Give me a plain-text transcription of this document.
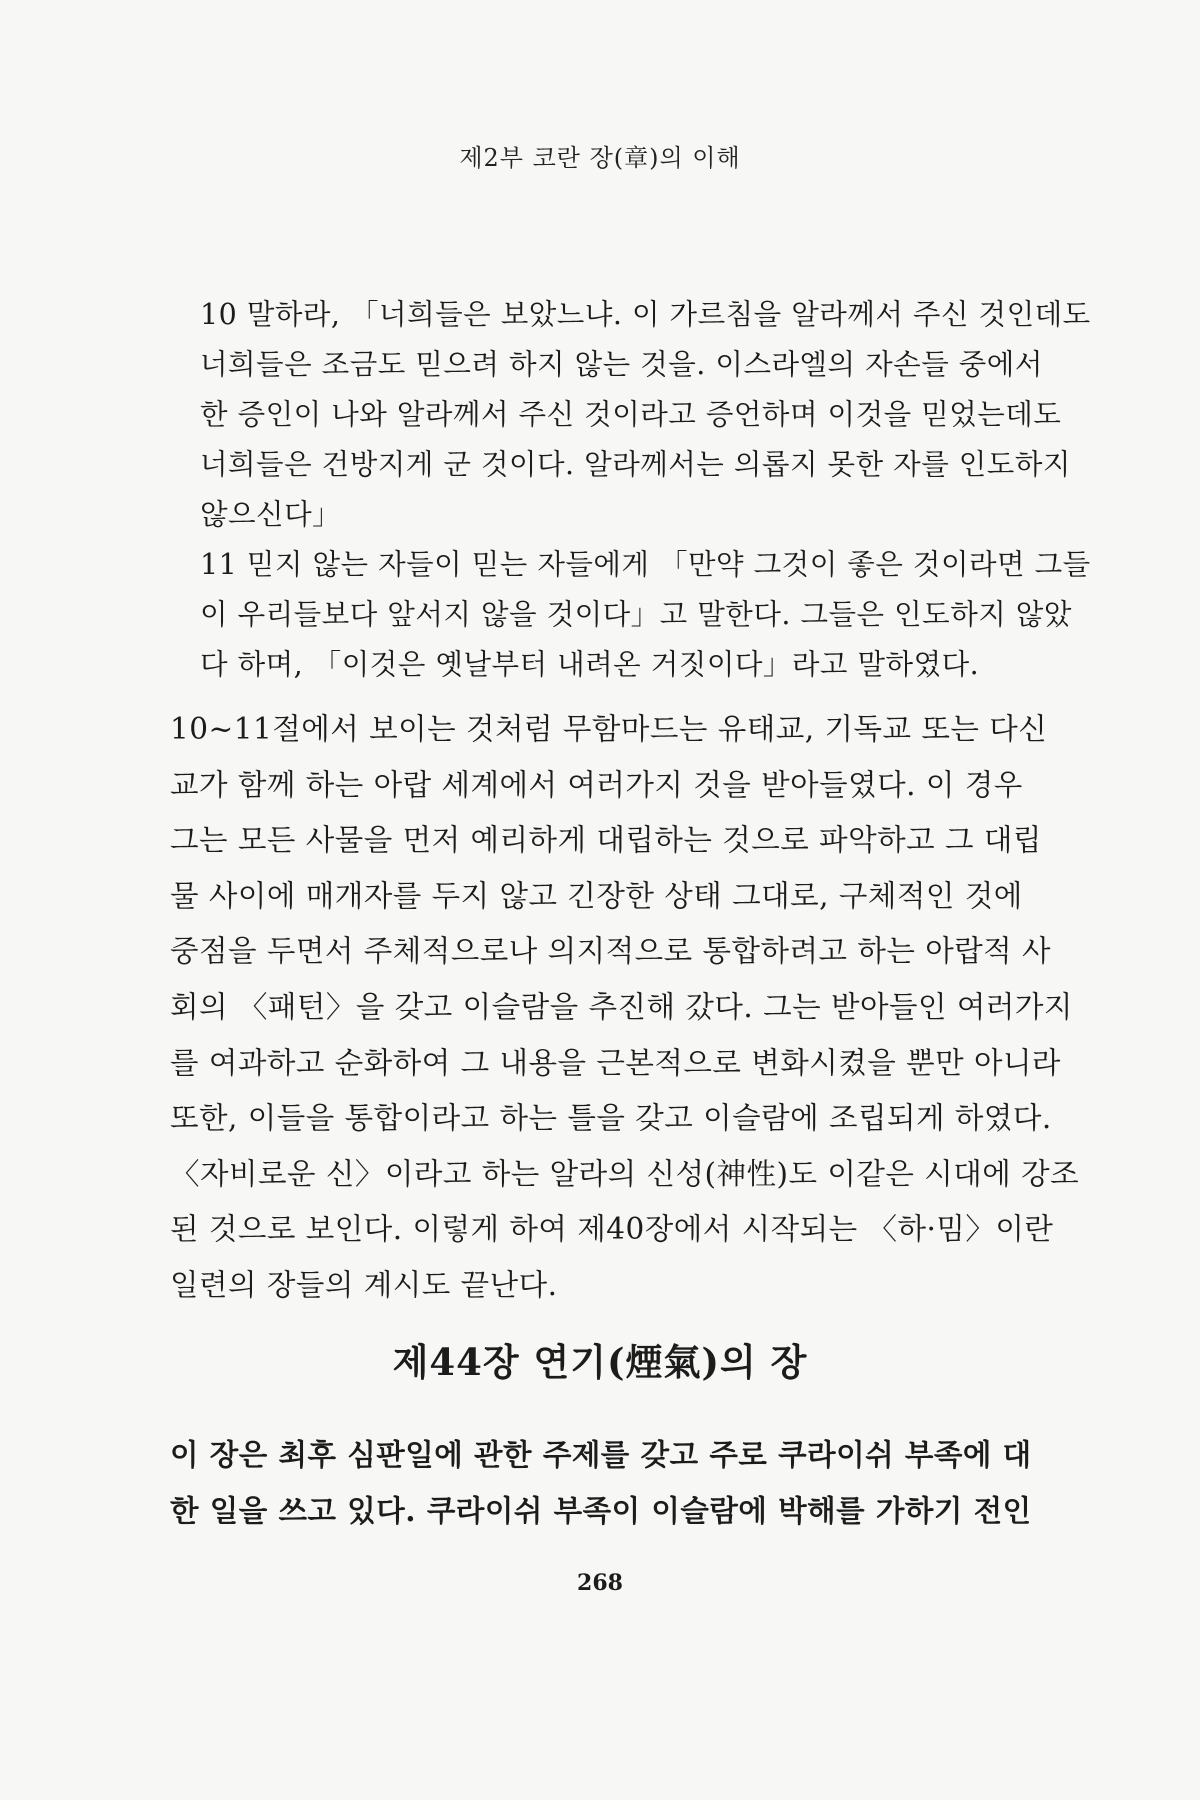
제2부 코란 장(章)의 이해
10 말하라, 「너희들은 보았느냐. 이 가르침을 알라께서 주신 것인데도
너희들은 조금도 믿으려 하지 않는 것을. 이스라엘의 자손들 중에서
한 증인이 나와 알라께서 주신 것이라고 증언하며 이것을 믿었는데도
너희들은 건방지게 군 것이다. 알라께서는 의롭지 못한 자를 인도하지
않으신다」
11 믿지 않는 자들이 믿는 자들에게 「만약 그것이 좋은 것이라면 그들
이 우리들보다 앞서지 않을 것이다」고 말한다. 그들은 인도하지 않았
다 하며, 「이것은 옛날부터 내려온 거짓이다」라고 말하였다.
10~11절에서 보이는 것처럼 무함마드는 유태교, 기독교 또는 다신
교가 함께 하는 아랍 세계에서 여러가지 것을 받아들였다. 이 경우
그는 모든 사물을 먼저 예리하게 대립하는 것으로 파악하고 그 대립
물 사이에 매개자를 두지 않고 긴장한 상태 그대로, 구체적인 것에
중점을 두면서 주체적으로나 의지적으로 통합하려고 하는 아랍적 사
회의 〈패턴〉을 갖고 이슬람을 추진해 갔다. 그는 받아들인 여러가지
를 여과하고 순화하여 그 내용을 근본적으로 변화시켰을 뿐만 아니라
또한, 이들을 통합이라고 하는 틀을 갖고 이슬람에 조립되게 하였다.
〈자비로운 신〉이라고 하는 알라의 신성(神性)도 이같은 시대에 강조
된 것으로 보인다. 이렇게 하여 제40장에서 시작되는 〈하·밈〉이란
일련의 장들의 계시도 끝난다.
제44장 연기(煙氣)의 장
이 장은 최후 심판일에 관한 주제를 갖고 주로 쿠라이쉬 부족에 대
한 일을 쓰고 있다. 쿠라이쉬 부족이 이슬람에 박해를 가하기 전인
268
